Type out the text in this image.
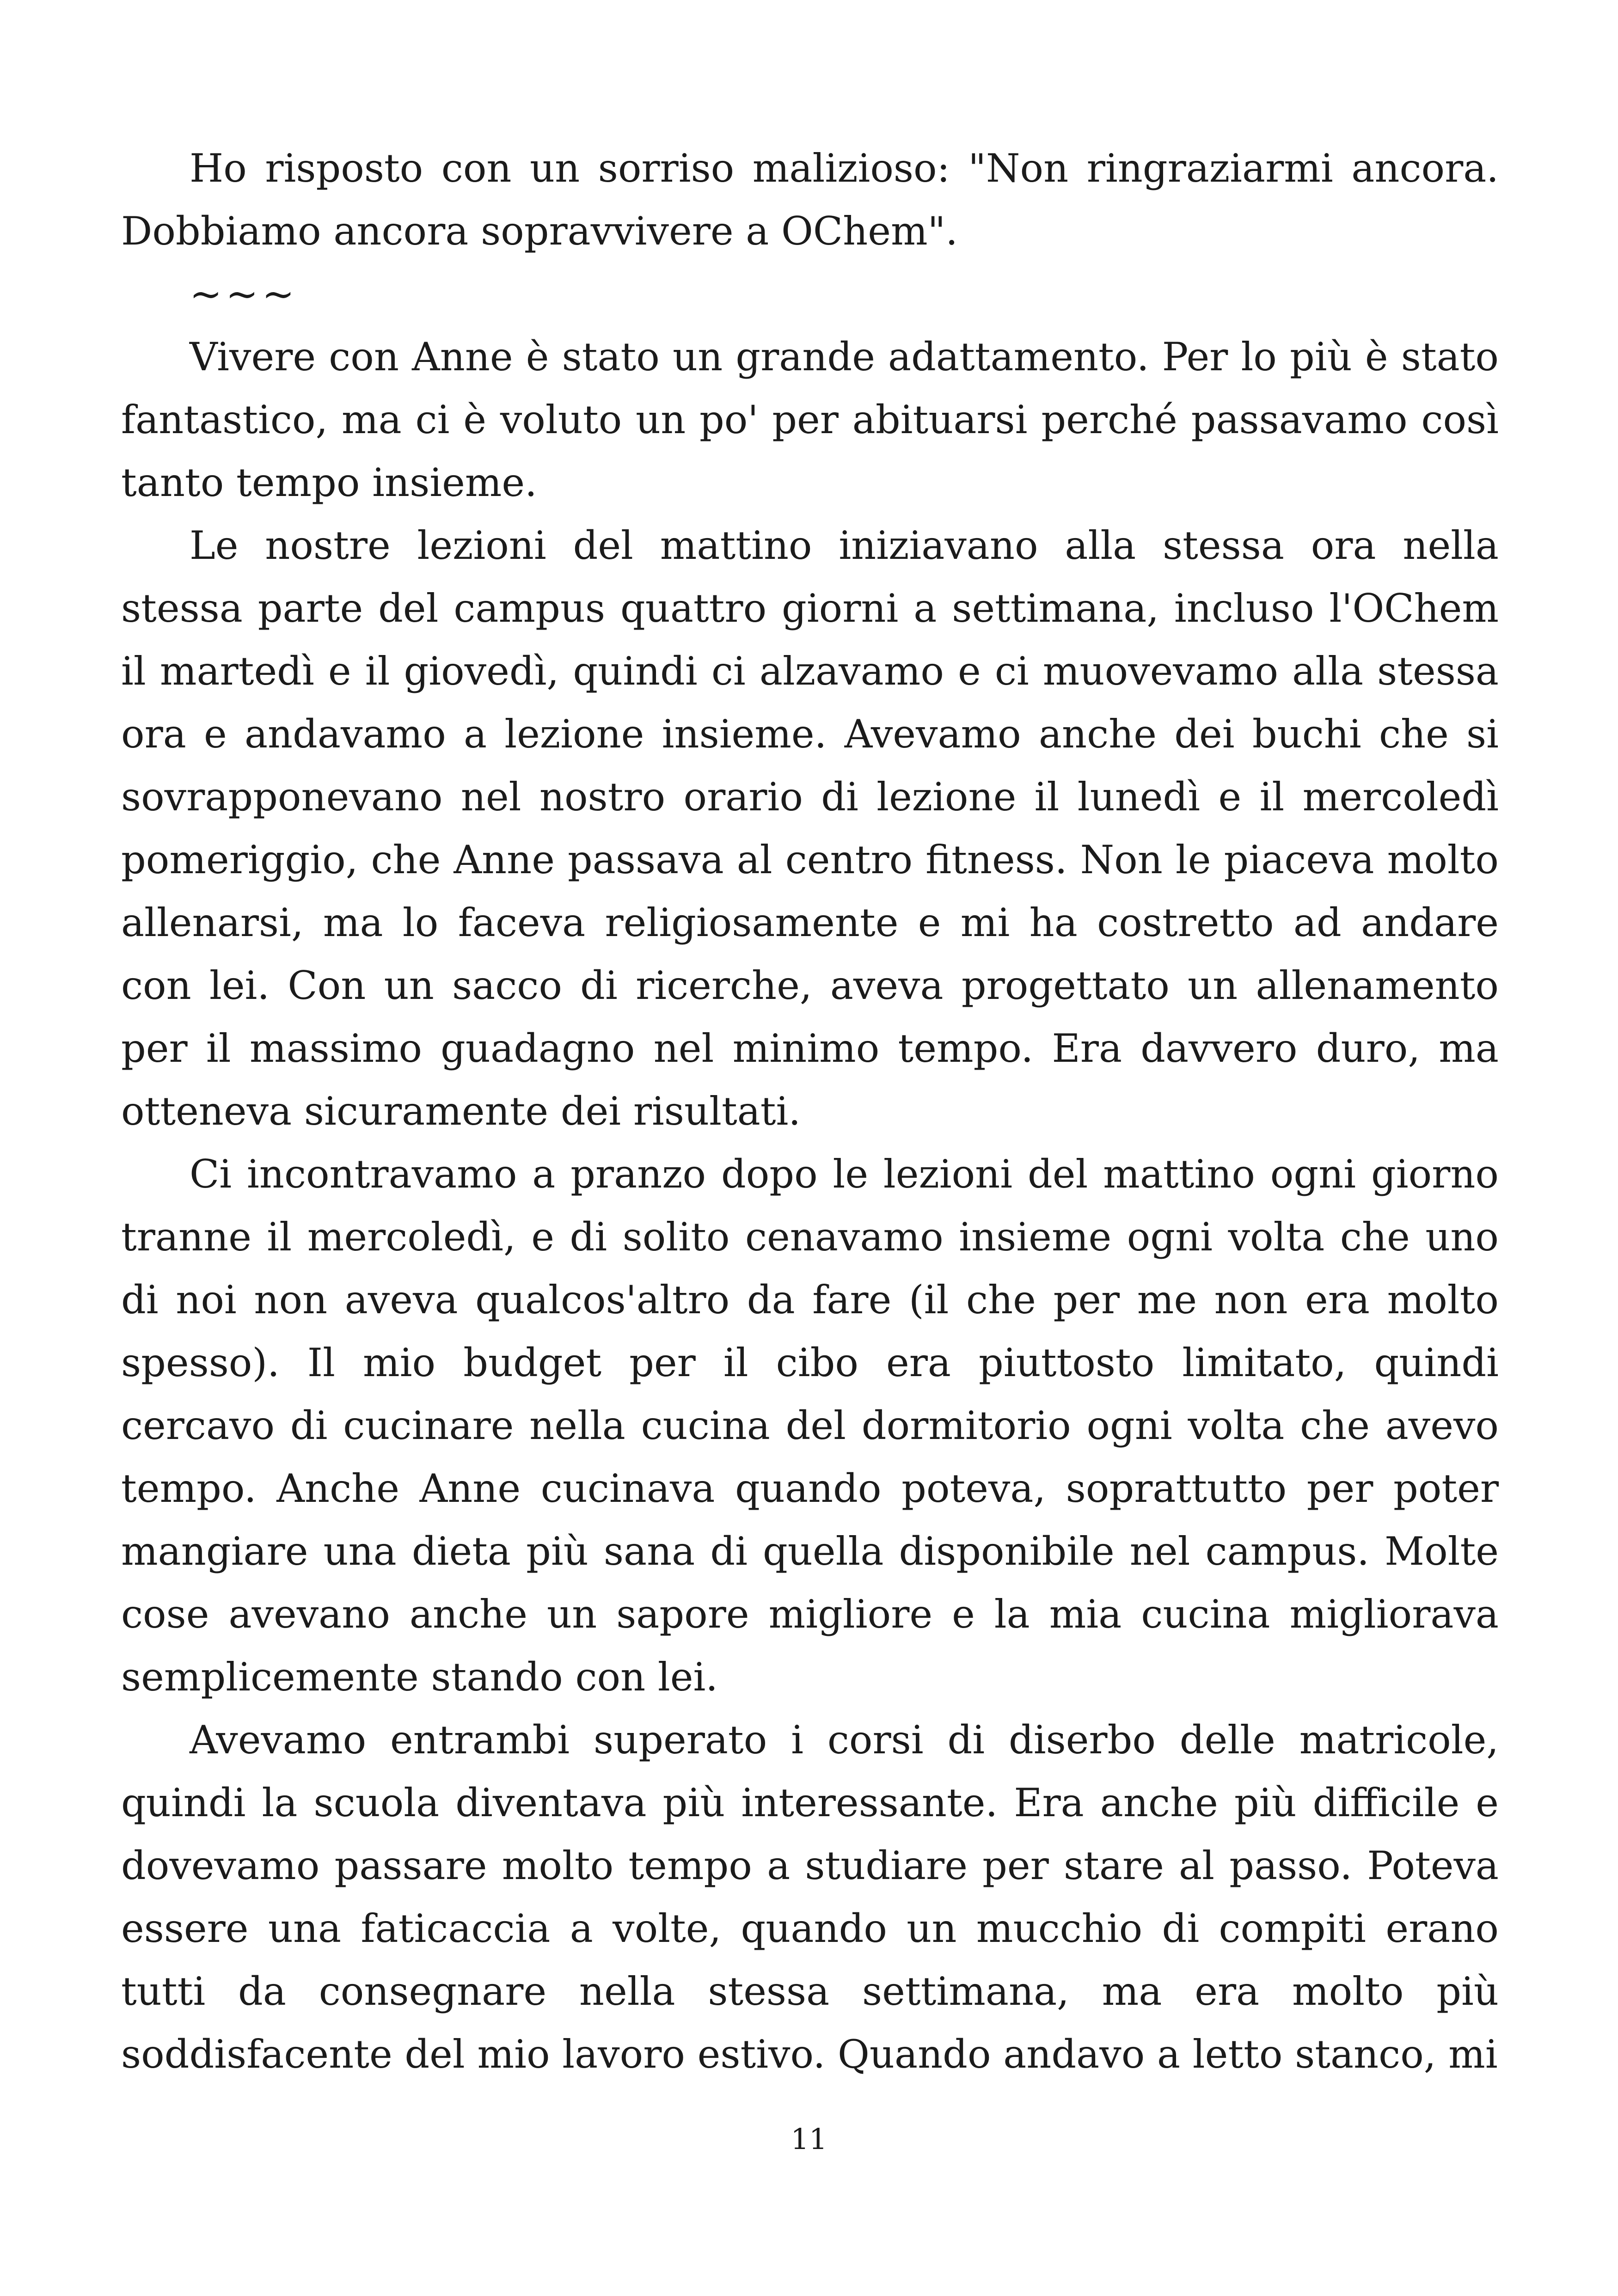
Ho risposto con un sorriso malizioso: "Non ringraziarmi ancora. Dobbiamo ancora sopravvivere a OChem".

~~~

Vivere con Anne è stato un grande adattamento. Per lo più è stato fantastico, ma ci è voluto un po' per abituarsi perché passavamo così tanto tempo insieme.

Le nostre lezioni del mattino iniziavano alla stessa ora nella stessa parte del campus quattro giorni a settimana, incluso l'OChem il martedì e il giovedì, quindi ci alzavamo e ci muovevamo alla stessa ora e andavamo a lezione insieme. Avevamo anche dei buchi che si sovrapponevano nel nostro orario di lezione il lunedì e il mercoledì pomeriggio, che Anne passava al centro fitness. Non le piaceva molto allenarsi, ma lo faceva religiosamente e mi ha costretto ad andare con lei. Con un sacco di ricerche, aveva progettato un allenamento per il massimo guadagno nel minimo tempo. Era davvero duro, ma otteneva sicuramente dei risultati.

Ci incontravamo a pranzo dopo le lezioni del mattino ogni giorno tranne il mercoledì, e di solito cenavamo insieme ogni volta che uno di noi non aveva qualcos'altro da fare (il che per me non era molto spesso). Il mio budget per il cibo era piuttosto limitato, quindi cercavo di cucinare nella cucina del dormitorio ogni volta che avevo tempo. Anche Anne cucinava quando poteva, soprattutto per poter mangiare una dieta più sana di quella disponibile nel campus. Molte cose avevano anche un sapore migliore e la mia cucina migliorava semplicemente stando con lei.

Avevamo entrambi superato i corsi di diserbo delle matricole, quindi la scuola diventava più interessante. Era anche più difficile e dovevamo passare molto tempo a studiare per stare al passo. Poteva essere una faticaccia a volte, quando un mucchio di compiti erano tutti da consegnare nella stessa settimana, ma era molto più soddisfacente del mio lavoro estivo. Quando andavo a letto stanco, mi

11
